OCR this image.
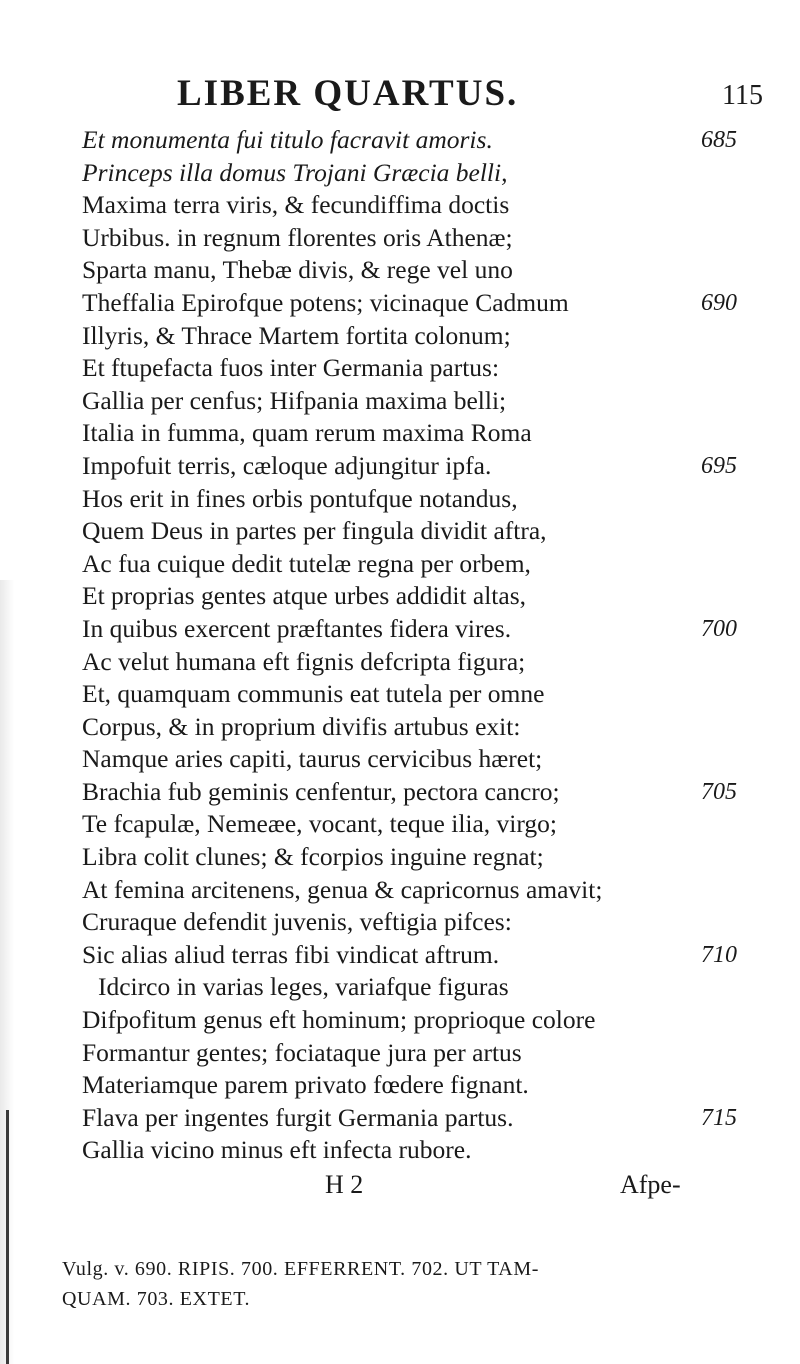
LIBER QUARTUS.	115
Et monumenta fui titulo facravit amoris.	685
Princeps illa domus Trojani Græcia belli,
Maxima terra viris, & fecundiffima doctis
Urbibus. in regnum florentes oris Athenæ;
Sparta manu, Thebæ divis, & rege vel uno
Theffalia Epirofque potens; vicinaque Cadmum	690
Illyris, & Thrace Martem fortita colonum;
Et ftupefacta fuos inter Germania partus:
Gallia per cenfus; Hifpania maxima belli;
Italia in fumma, quam rerum maxima Roma
Impofuit terris, cæloque adjungitur ipfa.	695
Hos erit in fines orbis pontufque notandus,
Quem Deus in partes per fingula dividit aftra,
Ac fua cuique dedit tutelæ regna per orbem,
Et proprias gentes atque urbes addidit altas,
In quibus exercent præftantes fidera vires.	700
Ac velut humana eft fignis defcripta figura;
Et, quamquam communis eat tutela per omne
Corpus, & in proprium divifis artubus exit:
Namque aries capiti, taurus cervicibus hæret;
Brachia fub geminis cenfentur, pectora cancro;	705
Te fcapulæ, Nemeæe, vocant, teque ilia, virgo;
Libra colit clunes; & fcorpios inguine regnat;
At femina arcitenens, genua & capricornus amavit;
Cruraque defendit juvenis, veftigia pifces:
Sic alias aliud terras fibi vindicat aftrum.	710
Idcirco in varias leges, variafque figuras
Difpofitum genus eft hominum; proprioque colore
Formantur gentes; fociataque jura per artus
Materiamque parem privato fœdere fignant.
Flava per ingentes furgit Germania partus.	715
Gallia vicino minus eft infecta rubore.
H 2	Afpe-
Vulg. v. 690. RIPIS. 700. EFFERRENT. 702. UT TAM-
QUAM. 703. EXTET.
